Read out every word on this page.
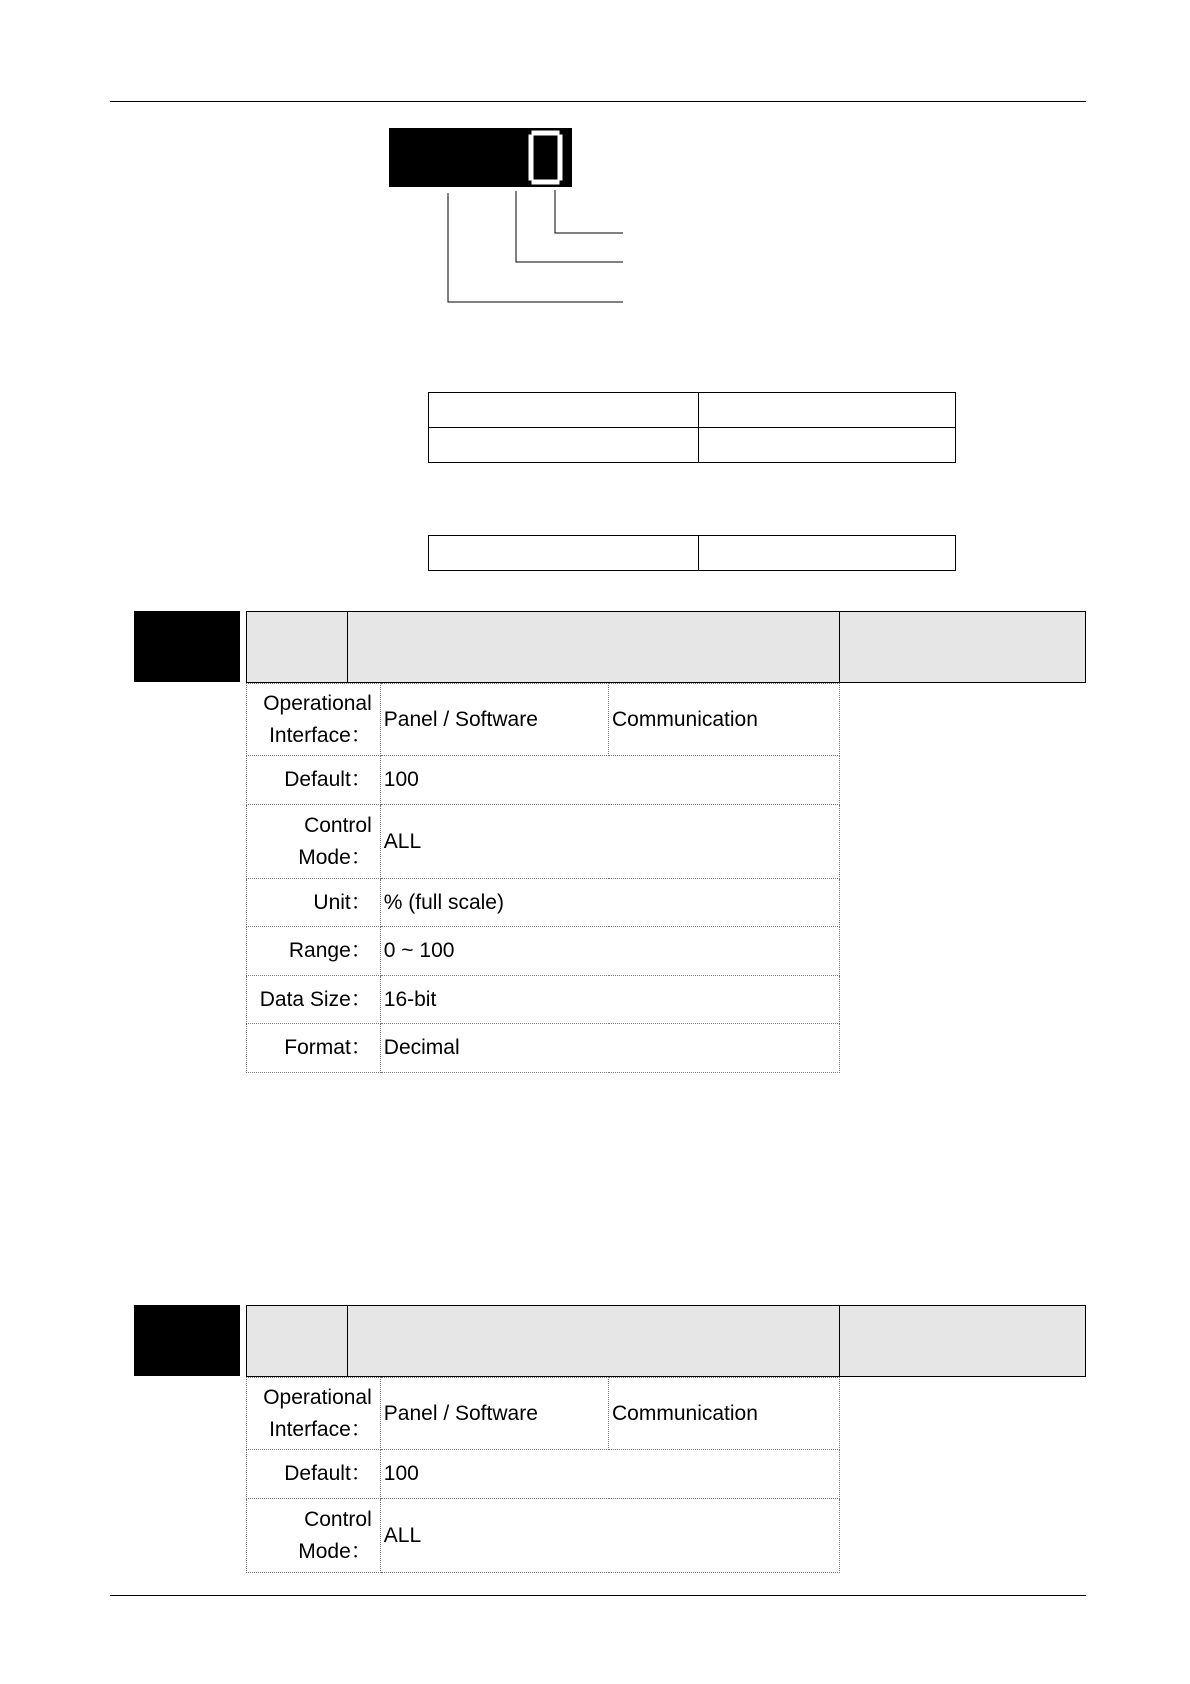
0

Operational
Interface：	Panel / Software	Communication
Default：	100	

Control
Mode：	ALL	
Unit：	% (full scale)	
Range：	0 ~ 100	
Data Size：	16-bit	
Format：	Decimal	
Operational
Interface：	Panel / Software	Communication
Default：	100	

Control
Mode：	ALL	
